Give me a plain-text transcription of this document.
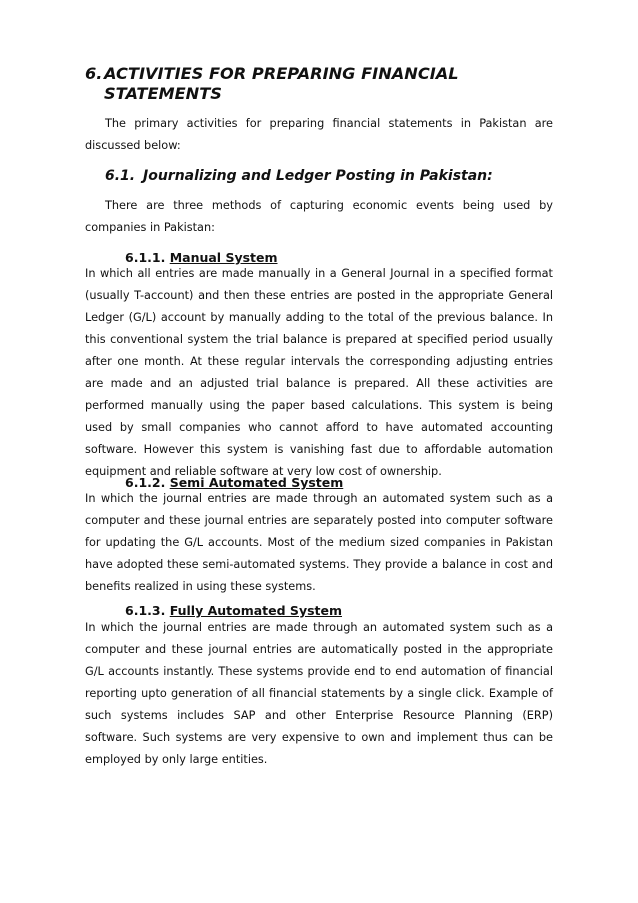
6. ACTIVITIES FOR PREPARING FINANCIAL STATEMENTS

The primary activities for preparing financial statements in Pakistan are discussed below:

6.1. Journalizing and Ledger Posting in Pakistan:

There are three methods of capturing economic events being used by companies in Pakistan:

6.1.1. Manual System

In which all entries are made manually in a General Journal in a specified format (usually T-account) and then these entries are posted in the appropriate General Ledger (G/L) account by manually adding to the total of the previous balance. In this conventional system the trial balance is prepared at specified period usually after one month. At these regular intervals the corresponding adjusting entries are made and an adjusted trial balance is prepared. All these activities are performed manually using the paper based calculations. This system is being used by small companies who cannot afford to have automated accounting software. However this system is vanishing fast due to affordable automation equipment and reliable software at very low cost of ownership.

6.1.2. Semi Automated System

In which the journal entries are made through an automated system such as a computer and these journal entries are separately posted into computer software for updating the G/L accounts. Most of the medium sized companies in Pakistan have adopted these semi-automated systems. They provide a balance in cost and benefits realized in using these systems.

6.1.3. Fully Automated System

In which the journal entries are made through an automated system such as a computer and these journal entries are automatically posted in the appropriate G/L accounts instantly. These systems provide end to end automation of financial reporting upto generation of all financial statements by a single click. Example of such systems includes SAP and other Enterprise Resource Planning (ERP) software. Such systems are very expensive to own and implement thus can be employed by only large entities.
